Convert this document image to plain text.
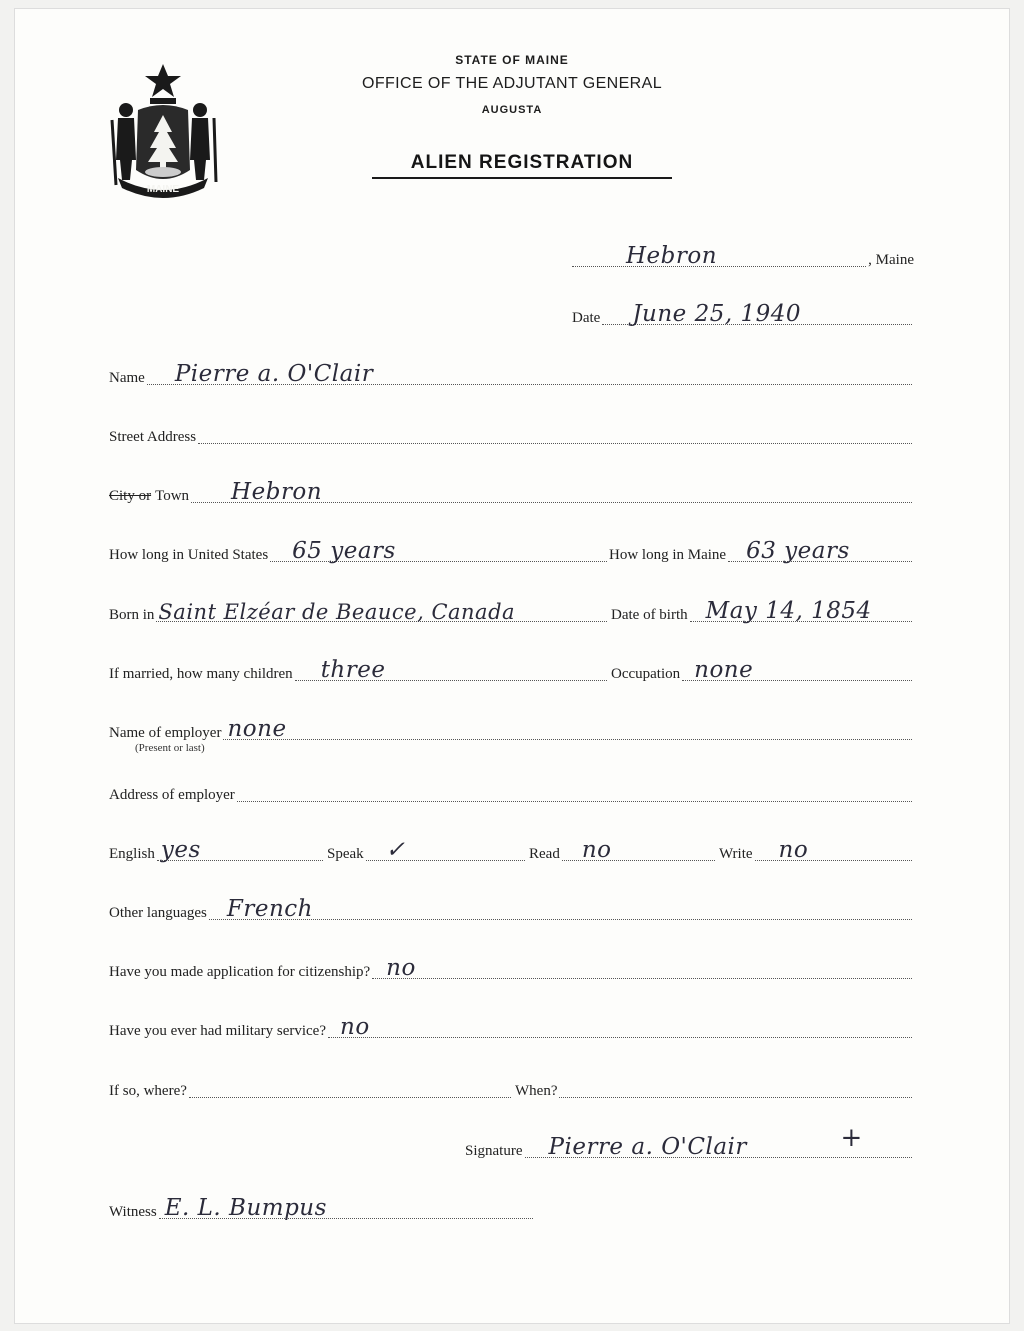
MAINE
STATE OF MAINE
OFFICE OF THE ADJUTANT GENERAL
AUGUSTA
ALIEN REGISTRATION
Hebron	, Maine
Date June 25, 1940
Name Pierre a. O'Clair
Street Address
City or Town Hebron
How long in United States 65 years	How long in Maine 63 years
Born in Saint Elzéar de Beauce, Canada	Date of birth May 14, 1854
If married, how many children three	Occupation none
Name of employer none
(Present or last)
Address of employer
English yes	Speak ✓	Read no	Write no
Other languages French
Have you made application for citizenship? no
Have you ever had military service? no
If so, where?	When?
Signature Pierre a. O'Clair	+
Witness E. L. Bumpus
